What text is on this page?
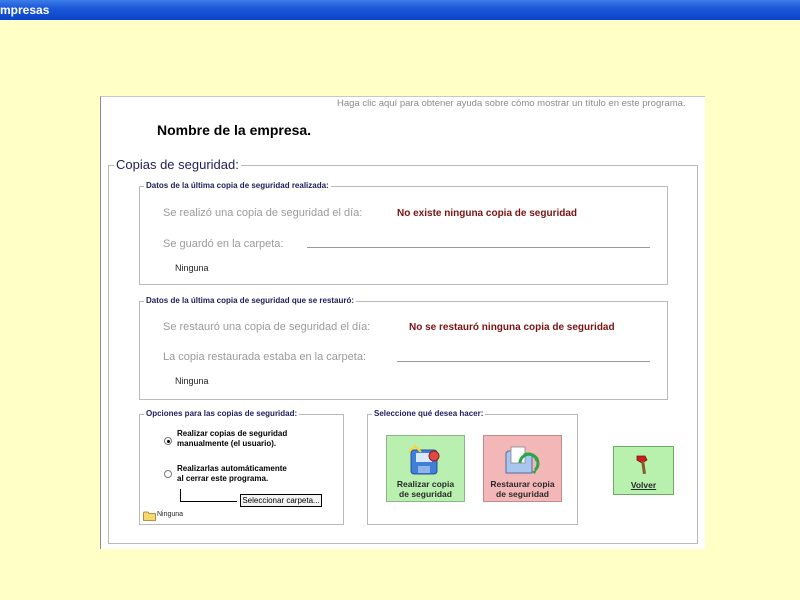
mpresas
Haga clic aquí para obtener ayuda sobre cómo mostrar un título en este programa.
Nombre de la empresa.
Copias de seguridad:
Datos de la última copia de seguridad realizada:
Se realizó una copia de seguridad el día:	No existe ninguna copia de seguridad
Se guardó en la carpeta:
Ninguna
Datos de la última copia de seguridad que se restauró:
Se restauró una copia de seguridad el día:	No se restauró ninguna copia de seguridad
La copia restaurada estaba en la carpeta:
Ninguna
Opciones para las copias de seguridad:
Realizar copias de seguridad
manualmente (el usuario).
Realizarlas automáticamente
al cerrar este programa.
Seleccionar carpeta...
Ninguna
Seleccione qué desea hacer:
Realizar copia
de seguridad
Restaurar copia
de seguridad
Volver
